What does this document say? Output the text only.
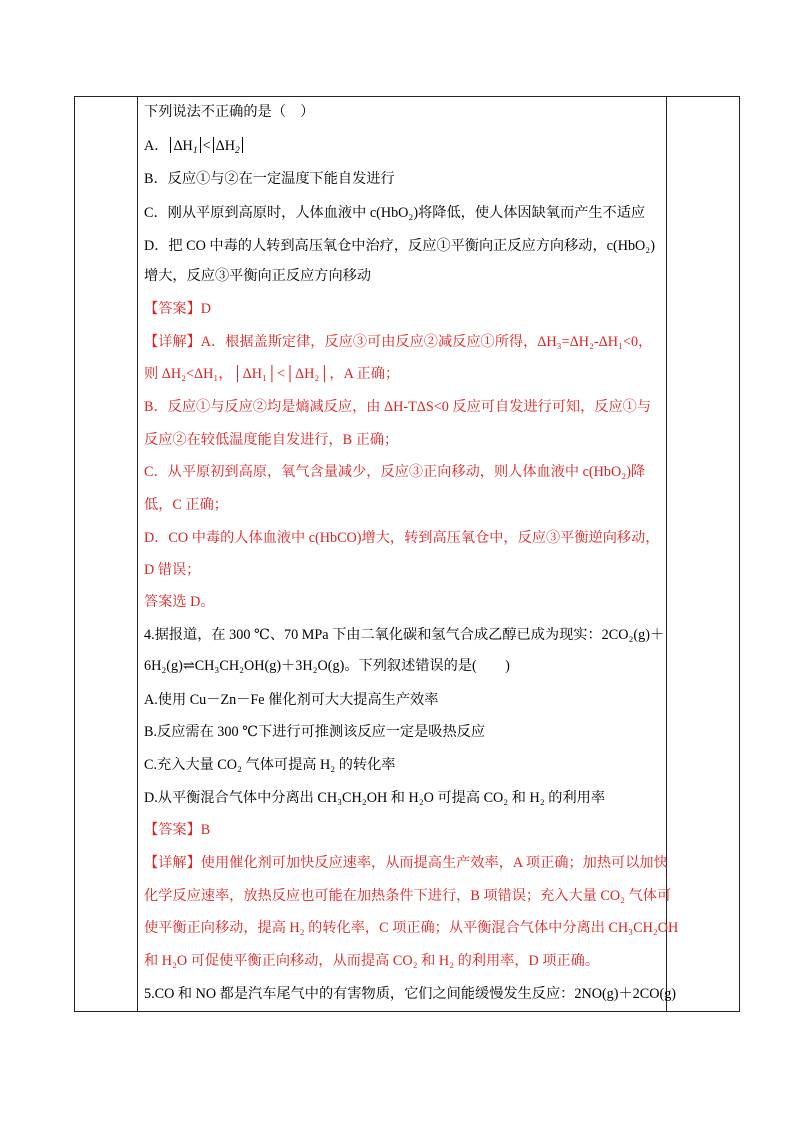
下列说法不正确的是（　）
A． $\Delta H_1 < \Delta H_2$
B．反应①与②在一定温度下能自发进行
C．刚从平原到高原时，人体血液中 c(HbO₂)将降低，使人体因缺氧而产生不适应
D．把 CO 中毒的人转到高压氧仓中治疗，反应①平衡向正反应方向移动，c(HbO₂)
增大，反应③平衡向正反应方向移动
【答案】D
【详解】A．根据盖斯定律，反应③可由反应②减反应①所得，ΔH₃=ΔH₂-ΔH₁<0，
则 ΔH₂<ΔH₁，│ΔH₁│<│ΔH₂│，A 正确；
B．反应①与反应②均是熵减反应，由 ΔH-TΔS<0 反应可自发进行可知，反应①与
反应②在较低温度能自发进行，B 正确；
C．从平原初到高原，氧气含量减少，反应③正向移动，则人体血液中 c(HbO₂)降
低，C 正确；
D．CO 中毒的人体血液中 c(HbCO)增大，转到高压氧仓中，反应③平衡逆向移动，
D 错误；
答案选 D。
4.据报道，在 300 ℃、70 MPa 下由二氧化碳和氢气合成乙醇已成为现实：2CO₂(g)＋
6H₂(g)⇌CH₃CH₂OH(g)＋3H₂O(g)。下列叙述错误的是(　　)
A.使用 Cu－Zn－Fe 催化剂可大大提高生产效率
B.反应需在 300 ℃下进行可推测该反应一定是吸热反应
C.充入大量 CO₂ 气体可提高 H₂ 的转化率
D.从平衡混合气体中分离出 CH₃CH₂OH 和 H₂O 可提高 CO₂ 和 H₂ 的利用率
【答案】B
【详解】使用催化剂可加快反应速率，从而提高生产效率，A 项正确；加热可以加快
化学反应速率，放热反应也可能在加热条件下进行，B 项错误；充入大量 CO₂ 气体可
使平衡正向移动，提高 H₂ 的转化率，C 项正确；从平衡混合气体中分离出 CH₃CH₂OH
和 H₂O 可促使平衡正向移动，从而提高 CO₂ 和 H₂ 的利用率，D 项正确。
5.CO 和 NO 都是汽车尾气中的有害物质，它们之间能缓慢发生反应：2NO(g)＋2CO(g)
